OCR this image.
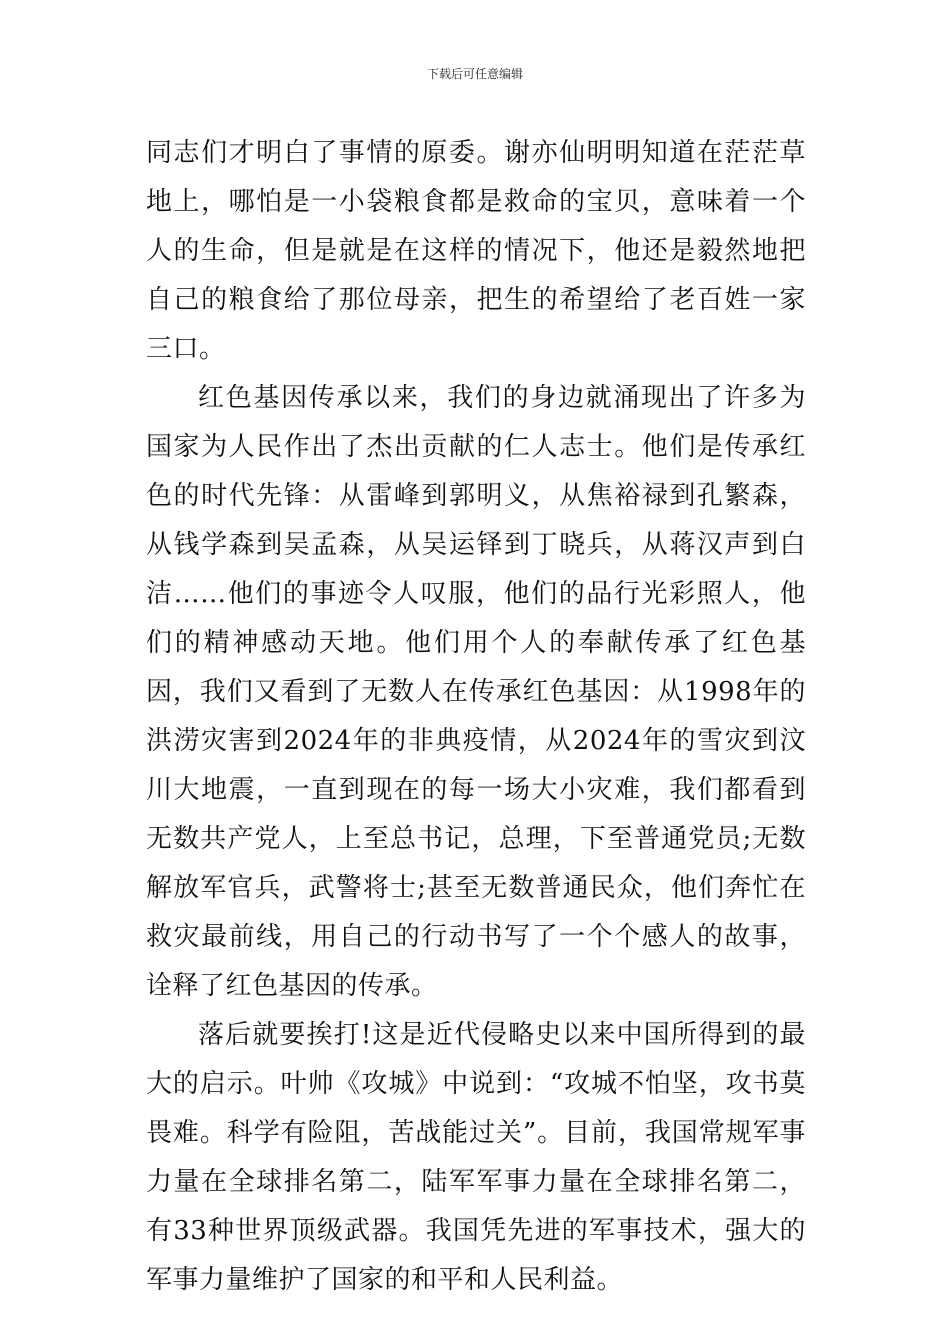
下载后可任意编辑

同志们才明白了事情的原委。谢亦仙明明知道在茫茫草地上，哪怕是一小袋粮食都是救命的宝贝，意味着一个人的生命，但是就是在这样的情况下，他还是毅然地把自己的粮食给了那位母亲，把生的希望给了老百姓一家三口。

红色基因传承以来，我们的身边就涌现出了许多为国家为人民作出了杰出贡献的仁人志士。他们是传承红色的时代先锋：从雷峰到郭明义，从焦裕禄到孔繁森，从钱学森到吴孟森，从吴运铎到丁晓兵，从蒋汉声到白洁……他们的事迹令人叹服，他们的品行光彩照人，他们的精神感动天地。他们用个人的奉献传承了红色基因，我们又看到了无数人在传承红色基因：从1998年的洪涝灾害到2024年的非典疫情，从2024年的雪灾到汶川大地震，一直到现在的每一场大小灾难，我们都看到无数共产党人，上至总书记，总理，下至普通党员;无数解放军官兵，武警将士;甚至无数普通民众，他们奔忙在救灾最前线，用自己的行动书写了一个个感人的故事，诠释了红色基因的传承。

落后就要挨打!这是近代侵略史以来中国所得到的最大的启示。叶帅《攻城》中说到：“攻城不怕坚，攻书莫畏难。科学有险阻，苦战能过关”。目前，我国常规军事力量在全球排名第二，陆军军事力量在全球排名第二，有33种世界顶级武器。我国凭先进的军事技术，强大的军事力量维护了国家的和平和人民利益。
